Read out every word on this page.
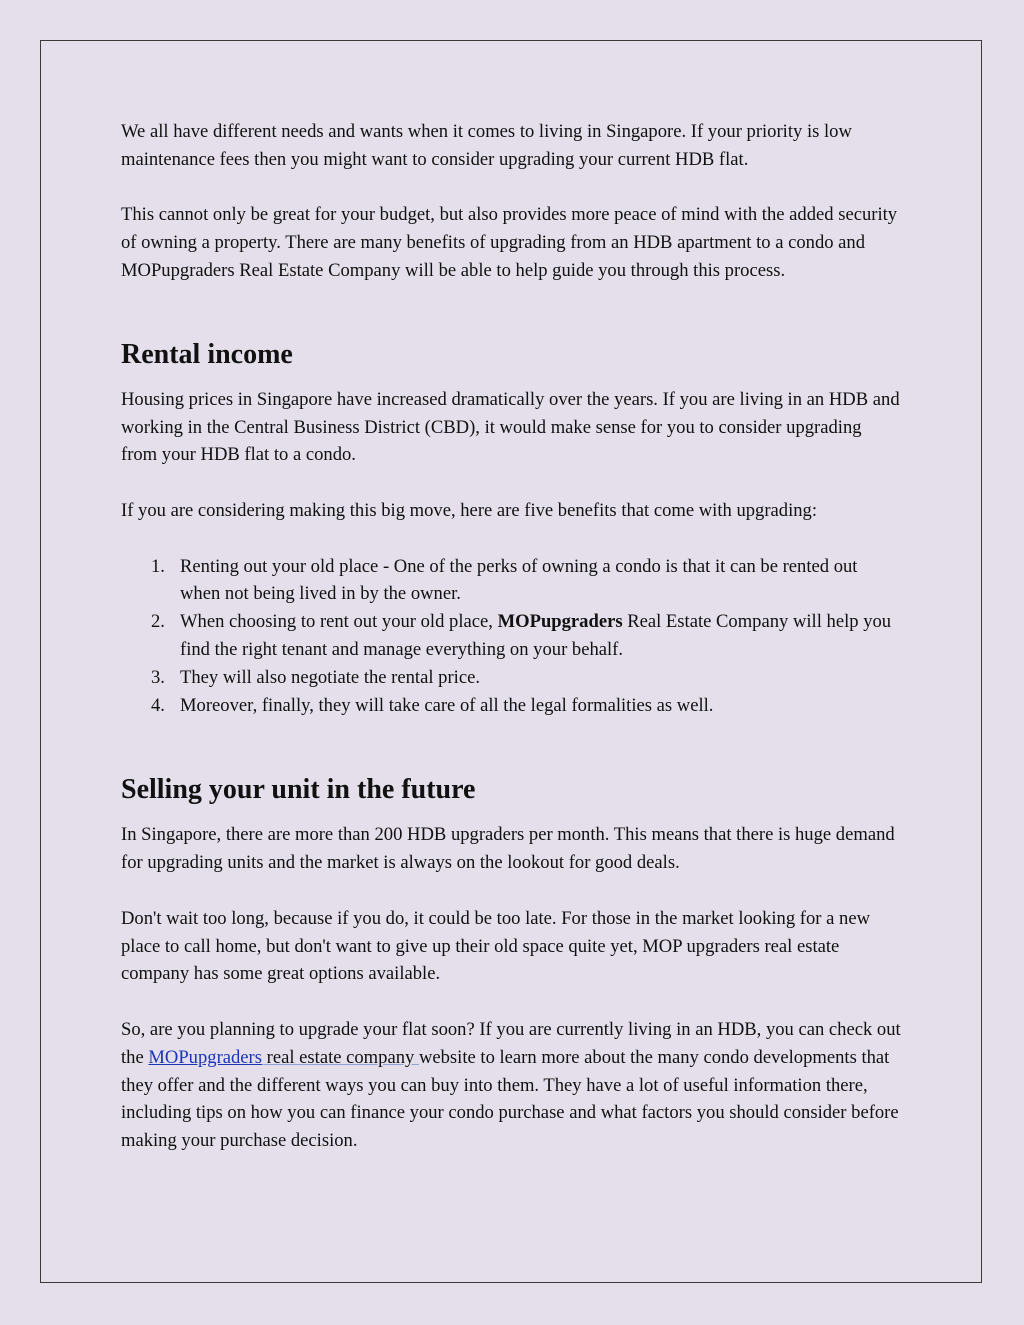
We all have different needs and wants when it comes to living in Singapore. If your priority is low maintenance fees then you might want to consider upgrading your current HDB flat.

This cannot only be great for your budget, but also provides more peace of mind with the added security of owning a property. There are many benefits of upgrading from an HDB apartment to a condo and MOPupgraders Real Estate Company will be able to help guide you through this process.

Rental income

Housing prices in Singapore have increased dramatically over the years. If you are living in an HDB and working in the Central Business District (CBD), it would make sense for you to consider upgrading from your HDB flat to a condo.

If you are considering making this big move, here are five benefits that come with upgrading:

1. Renting out your old place - One of the perks of owning a condo is that it can be rented out when not being lived in by the owner.
2. When choosing to rent out your old place, MOPupgraders Real Estate Company will help you find the right tenant and manage everything on your behalf.
3. They will also negotiate the rental price.
4. Moreover, finally, they will take care of all the legal formalities as well.
Selling your unit in the future

In Singapore, there are more than 200 HDB upgraders per month. This means that there is huge demand for upgrading units and the market is always on the lookout for good deals.

Don't wait too long, because if you do, it could be too late. For those in the market looking for a new place to call home, but don't want to give up their old space quite yet, MOP upgraders real estate company has some great options available.

So, are you planning to upgrade your flat soon? If you are currently living in an HDB, you can check out the MOPupgraders real estate company website to learn more about the many condo developments that they offer and the different ways you can buy into them. They have a lot of useful information there, including tips on how you can finance your condo purchase and what factors you should consider before making your purchase decision.
